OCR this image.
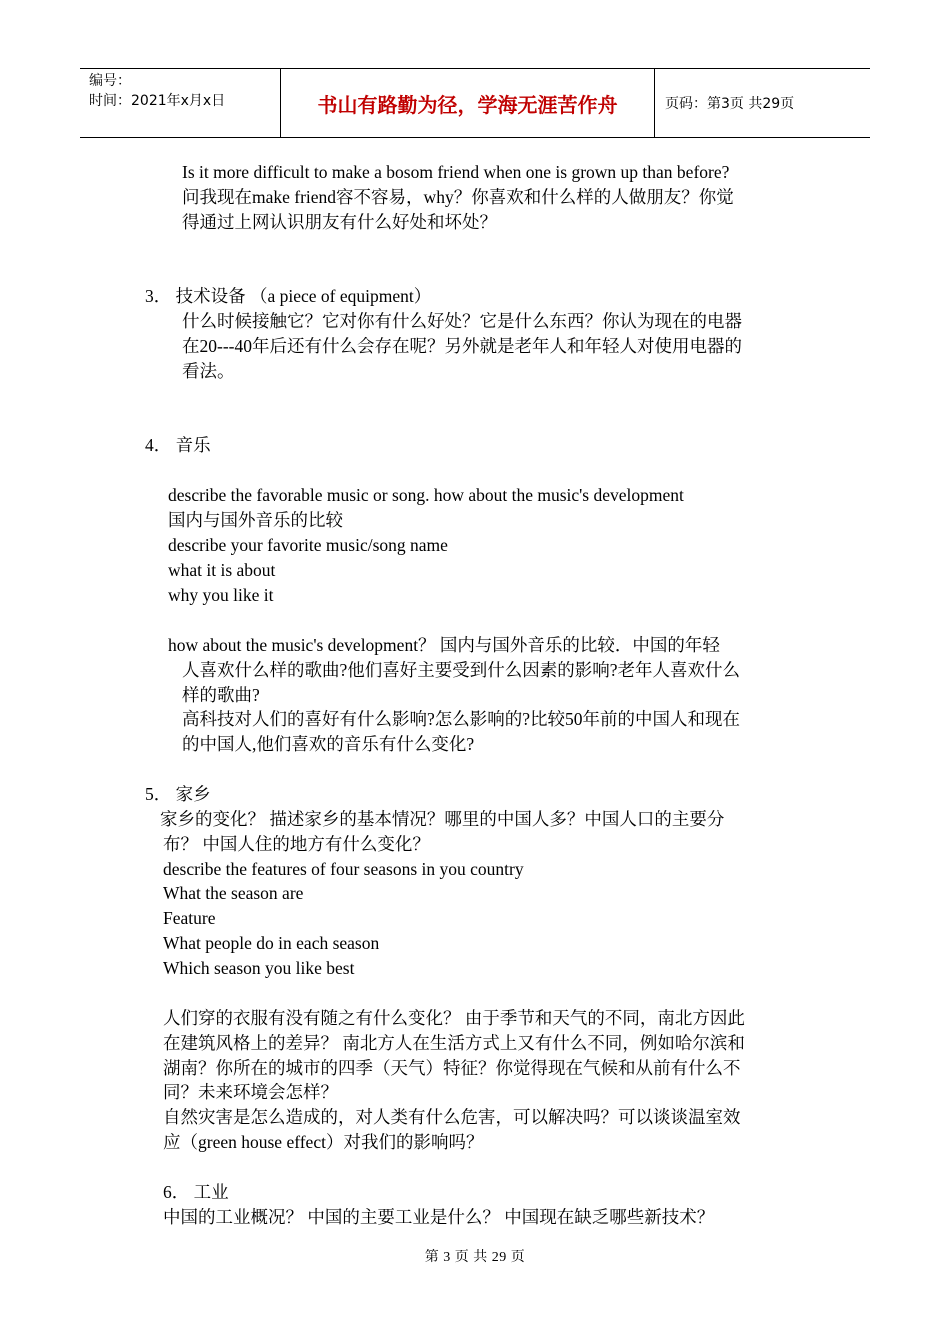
编号：
时间：2021年x月x日	书山有路勤为径，学海无涯苦作舟	页码：第3页 共29页
Is it more difficult to make a bosom friend when one is grown up than before?
问我现在make friend容不容易，why？你喜欢和什么样的人做朋友？你觉
得通过上网认识朋友有什么好处和坏处？
3． 技术设备 （a piece of equipment）
什么时候接触它？它对你有什么好处？它是什么东西？你认为现在的电器
在20---40年后还有什么会存在呢？另外就是老年人和年轻人对使用电器的
看法。
4． 音乐
describe the favorable music or song. how about the music's development
国内与国外音乐的比较
describe your favorite music/song name
what it is about
why you like it
how about the music's development？ 国内与国外音乐的比较．中国的年轻
人喜欢什么样的歌曲?他们喜好主要受到什么因素的影响?老年人喜欢什么
样的歌曲?
高科技对人们的喜好有什么影响?怎么影响的?比较50年前的中国人和现在
的中国人,他们喜欢的音乐有什么变化?
5． 家乡
家乡的变化？ 描述家乡的基本情况？哪里的中国人多？中国人口的主要分
布？ 中国人住的地方有什么变化？
describe the features of four seasons in you country
What the season are
Feature
What people do in each season
Which season you like best
人们穿的衣服有没有随之有什么变化？ 由于季节和天气的不同，南北方因此
在建筑风格上的差异？ 南北方人在生活方式上又有什么不同，例如哈尔滨和
湖南？你所在的城市的四季（天气）特征？你觉得现在气候和从前有什么不
同？未来环境会怎样？
自然灾害是怎么造成的，对人类有什么危害，可以解决吗？可以谈谈温室效
应（green house effect）对我们的影响吗？
6． 工业
中国的工业概况？ 中国的主要工业是什么？ 中国现在缺乏哪些新技术？
第 3 页 共 29 页
